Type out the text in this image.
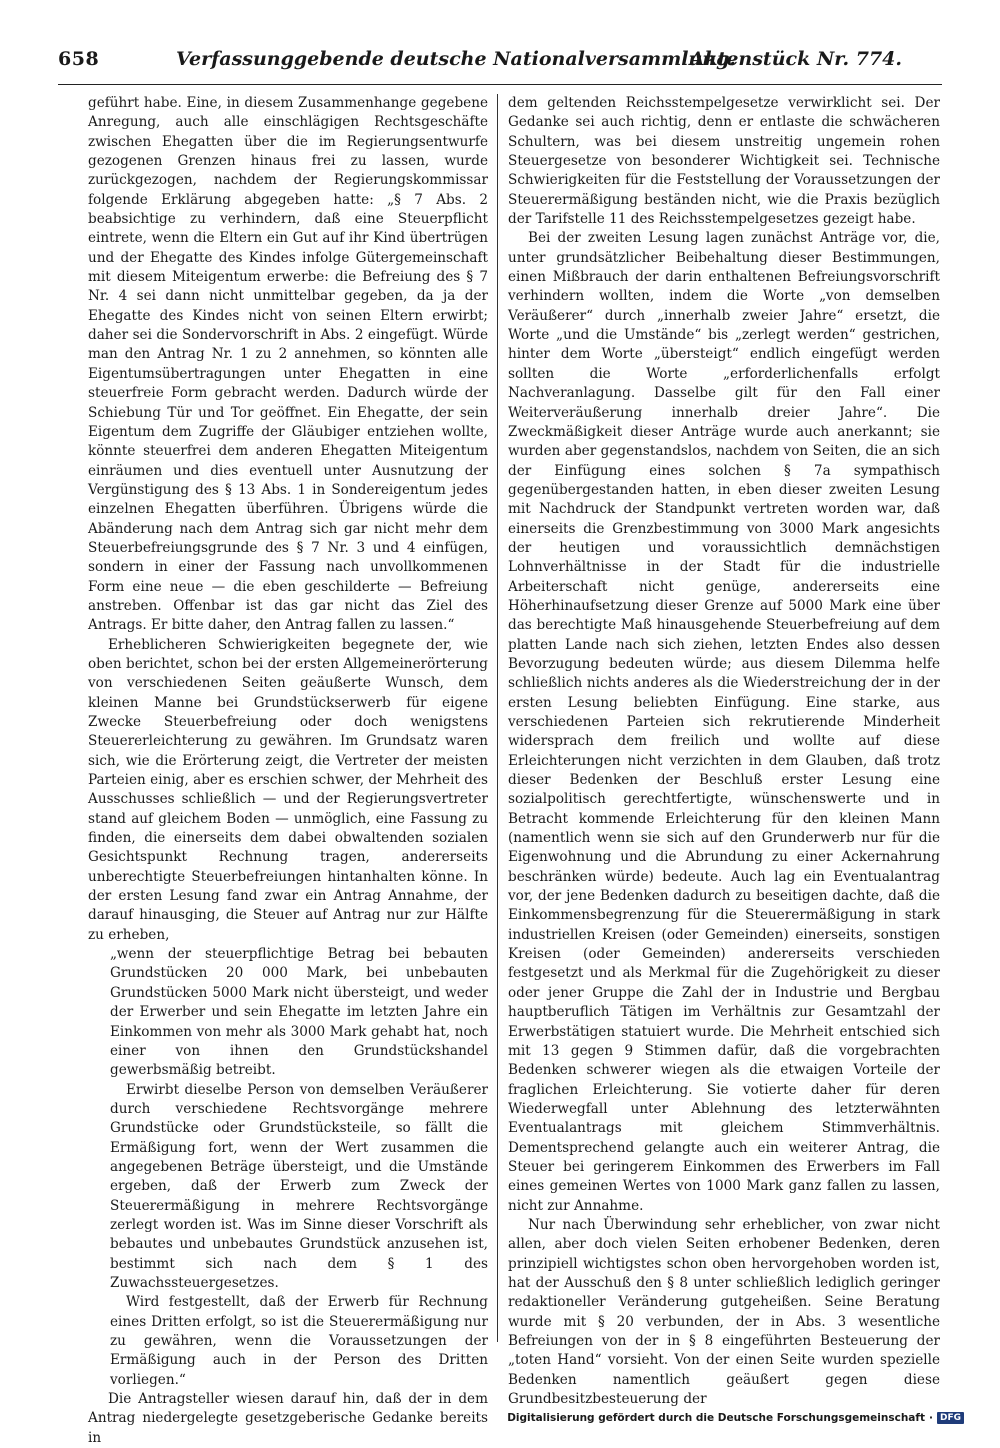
658	Verfassunggebende deutsche Nationalversammlung.
Aktenstück Nr. 774.

geführt habe. Eine, in diesem Zusammenhange gegebene Anregung, auch alle einschlägigen Rechtsgeschäfte zwischen Ehegatten über die im Regierungsentwurfe gezogenen Grenzen hinaus frei zu lassen, wurde zurückgezogen, nachdem der Regierungskommissar folgende Erklärung abgegeben hatte: „§ 7 Abs. 2 beabsichtige zu verhindern, daß eine Steuerpflicht eintrete, wenn die Eltern ein Gut auf ihr Kind übertrügen und der Ehegatte des Kindes infolge Gütergemeinschaft mit diesem Miteigentum erwerbe: die Befreiung des § 7 Nr. 4 sei dann nicht unmittelbar gegeben, da ja der Ehegatte des Kindes nicht von seinen Eltern erwirbt; daher sei die Sondervorschrift in Abs. 2 eingefügt. Würde man den Antrag Nr. 1 zu 2 annehmen, so könnten alle Eigentumsübertragungen unter Ehegatten in eine steuerfreie Form gebracht werden. Dadurch würde der Schiebung Tür und Tor geöffnet. Ein Ehegatte, der sein Eigentum dem Zugriffe der Gläubiger entziehen wollte, könnte steuerfrei dem anderen Ehegatten Miteigentum einräumen und dies eventuell unter Ausnutzung der Vergünstigung des § 13 Abs. 1 in Sondereigentum jedes einzelnen Ehegatten überführen. Übrigens würde die Abänderung nach dem Antrag sich gar nicht mehr dem Steuerbefreiungsgrunde des § 7 Nr. 3 und 4 einfügen, sondern in einer der Fassung nach unvollkommenen Form eine neue — die eben geschilderte — Befreiung anstreben. Offenbar ist das gar nicht das Ziel des Antrags. Er bitte daher, den Antrag fallen zu lassen.“

Erheblicheren Schwierigkeiten begegnete der, wie oben berichtet, schon bei der ersten Allgemeinerörterung von verschiedenen Seiten geäußerte Wunsch, dem kleinen Manne bei Grundstückserwerb für eigene Zwecke Steuerbefreiung oder doch wenigstens Steuererleichterung zu gewähren. Im Grundsatz waren sich, wie die Erörterung zeigt, die Vertreter der meisten Parteien einig, aber es erschien schwer, der Mehrheit des Ausschusses schließlich — und der Regierungsvertreter stand auf gleichem Boden — unmöglich, eine Fassung zu finden, die einerseits dem dabei obwaltenden sozialen Gesichtspunkt Rechnung tragen, andererseits unberechtigte Steuerbefreiungen hintanhalten könne. In der ersten Lesung fand zwar ein Antrag Annahme, der darauf hinausging, die Steuer auf Antrag nur zur Hälfte zu erheben,

„wenn der steuerpflichtige Betrag bei bebauten Grundstücken 20 000 Mark, bei unbebauten Grundstücken 5000 Mark nicht übersteigt, und weder der Erwerber und sein Ehegatte im letzten Jahre ein Einkommen von mehr als 3000 Mark gehabt hat, noch einer von ihnen den Grundstückshandel gewerbsmäßig betreibt.

Erwirbt dieselbe Person von demselben Veräußerer durch verschiedene Rechtsvorgänge mehrere Grundstücke oder Grundstücksteile, so fällt die Ermäßigung fort, wenn der Wert zusammen die angegebenen Beträge übersteigt, und die Umstände ergeben, daß der Erwerb zum Zweck der Steuerermäßigung in mehrere Rechtsvorgänge zerlegt worden ist. Was im Sinne dieser Vorschrift als bebautes und unbebautes Grundstück anzusehen ist, bestimmt sich nach dem § 1 des Zuwachssteuergesetzes.

Wird festgestellt, daß der Erwerb für Rechnung eines Dritten erfolgt, so ist die Steuerermäßigung nur zu gewähren, wenn die Voraussetzungen der Ermäßigung auch in der Person des Dritten vorliegen.“

Die Antragsteller wiesen darauf hin, daß der in dem Antrag niedergelegte gesetzgeberische Gedanke bereits in

dem geltenden Reichsstempelgesetze verwirklicht sei. Der Gedanke sei auch richtig, denn er entlaste die schwächeren Schultern, was bei diesem unstreitig ungemein rohen Steuergesetze von besonderer Wichtigkeit sei. Technische Schwierigkeiten für die Feststellung der Voraussetzungen der Steuerermäßigung beständen nicht, wie die Praxis bezüglich der Tarifstelle 11 des Reichsstempelgesetzes gezeigt habe.

Bei der zweiten Lesung lagen zunächst Anträge vor, die, unter grundsätzlicher Beibehaltung dieser Bestimmungen, einen Mißbrauch der darin enthaltenen Befreiungsvorschrift verhindern wollten, indem die Worte „von demselben Veräußerer“ durch „innerhalb zweier Jahre“ ersetzt, die Worte „und die Umstände“ bis „zerlegt werden“ gestrichen, hinter dem Worte „übersteigt“ endlich eingefügt werden sollten die Worte „erforderlichenfalls erfolgt Nachveranlagung. Dasselbe gilt für den Fall einer Weiterveräußerung innerhalb dreier Jahre“. Die Zweckmäßigkeit dieser Anträge wurde auch anerkannt; sie wurden aber gegenstandslos, nachdem von Seiten, die an sich der Einfügung eines solchen § 7a sympathisch gegenübergestanden hatten, in eben dieser zweiten Lesung mit Nachdruck der Standpunkt vertreten worden war, daß einerseits die Grenzbestimmung von 3000 Mark angesichts der heutigen und voraussichtlich demnächstigen Lohnverhältnisse in der Stadt für die industrielle Arbeiterschaft nicht genüge, andererseits eine Höherhinaufsetzung dieser Grenze auf 5000 Mark eine über das berechtigte Maß hinausgehende Steuerbefreiung auf dem platten Lande nach sich ziehen, letzten Endes also dessen Bevorzugung bedeuten würde; aus diesem Dilemma helfe schließlich nichts anderes als die Wiederstreichung der in der ersten Lesung beliebten Einfügung. Eine starke, aus verschiedenen Parteien sich rekrutierende Minderheit widersprach dem freilich und wollte auf diese Erleichterungen nicht verzichten in dem Glauben, daß trotz dieser Bedenken der Beschluß erster Lesung eine sozialpolitisch gerechtfertigte, wünschenswerte und in Betracht kommende Erleichterung für den kleinen Mann (namentlich wenn sie sich auf den Grunderwerb nur für die Eigenwohnung und die Abrundung zu einer Ackernahrung beschränken würde) bedeute. Auch lag ein Eventualantrag vor, der jene Bedenken dadurch zu beseitigen dachte, daß die Einkommensbegrenzung für die Steuerermäßigung in stark industriellen Kreisen (oder Gemeinden) einerseits, sonstigen Kreisen (oder Gemeinden) andererseits verschieden festgesetzt und als Merkmal für die Zugehörigkeit zu dieser oder jener Gruppe die Zahl der in Industrie und Bergbau hauptberuflich Tätigen im Verhältnis zur Gesamtzahl der Erwerbstätigen statuiert wurde. Die Mehrheit entschied sich mit 13 gegen 9 Stimmen dafür, daß die vorgebrachten Bedenken schwerer wiegen als die etwaigen Vorteile der fraglichen Erleichterung. Sie votierte daher für deren Wiederwegfall unter Ablehnung des letzterwähnten Eventualantrags mit gleichem Stimmverhältnis. Dementsprechend gelangte auch ein weiterer Antrag, die Steuer bei geringerem Einkommen des Erwerbers im Fall eines gemeinen Wertes von 1000 Mark ganz fallen zu lassen, nicht zur Annahme.

Nur nach Überwindung sehr erheblicher, von zwar nicht allen, aber doch vielen Seiten erhobener Bedenken, deren prinzipiell wichtigstes schon oben hervorgehoben worden ist, hat der Ausschuß den § 8 unter schließlich lediglich geringer redaktioneller Veränderung gutgeheißen. Seine Beratung wurde mit § 20 verbunden, der in Abs. 3 wesentliche Befreiungen von der in § 8 eingeführten Besteuerung der „toten Hand“ vorsieht. Von der einen Seite wurden spezielle Bedenken namentlich geäußert gegen diese Grundbesitzbesteuerung der

Digitalisierung gefördert durch die Deutsche Forschungsgemeinschaft · DFG
